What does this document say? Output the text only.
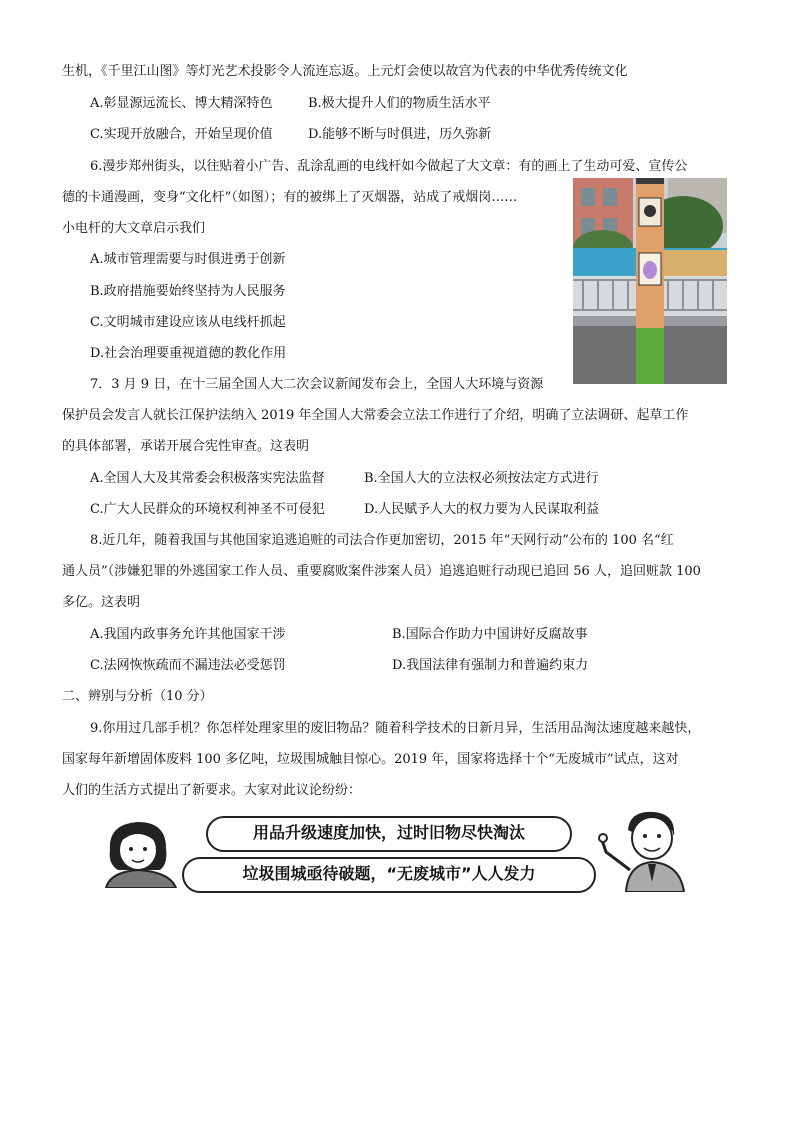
生机，《千里江山图》等灯光艺术投影令人流连忘返。上元灯会使以故宫为代表的中华优秀传统文化
A.彰显源远流长、博大精深特色	B.极大提升人们的物质生活水平
C.实现开放融合，开始呈现价值	D.能够不断与时俱进，历久弥新
6.漫步郑州街头，以往贴着小广告、乱涂乱画的电线杆如今做起了大文章：有的画上了生动可爱、宣传公
德的卡通漫画，变身“文化杆”（如图）；有的被绑上了灭烟器，站成了戒烟岗……
小电杆的大文章启示我们
A.城市管理需要与时俱进勇于创新
B.政府措施要始终坚持为人民服务
C.文明城市建设应该从电线杆抓起
D.社会治理要重视道德的教化作用
7．3 月 9 日，在十三届全国人大二次会议新闻发布会上，全国人大环境与资源
保护员会发言人就长江保护法纳入 2019 年全国人大常委会立法工作进行了介绍，明确了立法调研、起草工作
的具体部署，承诺开展合宪性审查。这表明
A.全国人大及其常委会积极落实宪法监督	B.全国人大的立法权必须按法定方式进行
C.广大人民群众的环境权利神圣不可侵犯	D.人民赋予人大的权力要为人民谋取利益
8.近几年，随着我国与其他国家追逃追赃的司法合作更加密切，2015 年“天网行动”公布的 100 名“红
通人员”（涉嫌犯罪的外逃国家工作人员、重要腐败案件涉案人员）追逃追赃行动现已追回 56 人，追回赃款 100
多亿。这表明
A.我国内政事务允许其他国家干涉	B.国际合作助力中国讲好反腐故事
C.法网恢恢疏而不漏违法必受惩罚	D.我国法律有强制力和普遍约束力
二、辨别与分析（10 分）
9.你用过几部手机？你怎样处理家里的废旧物品？随着科学技术的日新月异，生活用品淘汰速度越来越快，
国家每年新增固体废料 100 多亿吨，垃圾围城触目惊心。2019 年，国家将选择十个“无废城市”试点，这对
人们的生活方式提出了新要求。大家对此议论纷纷：
用品升级速度加快，过时旧物尽快淘汰
垃圾围城亟待破题，“无废城市”人人发力
